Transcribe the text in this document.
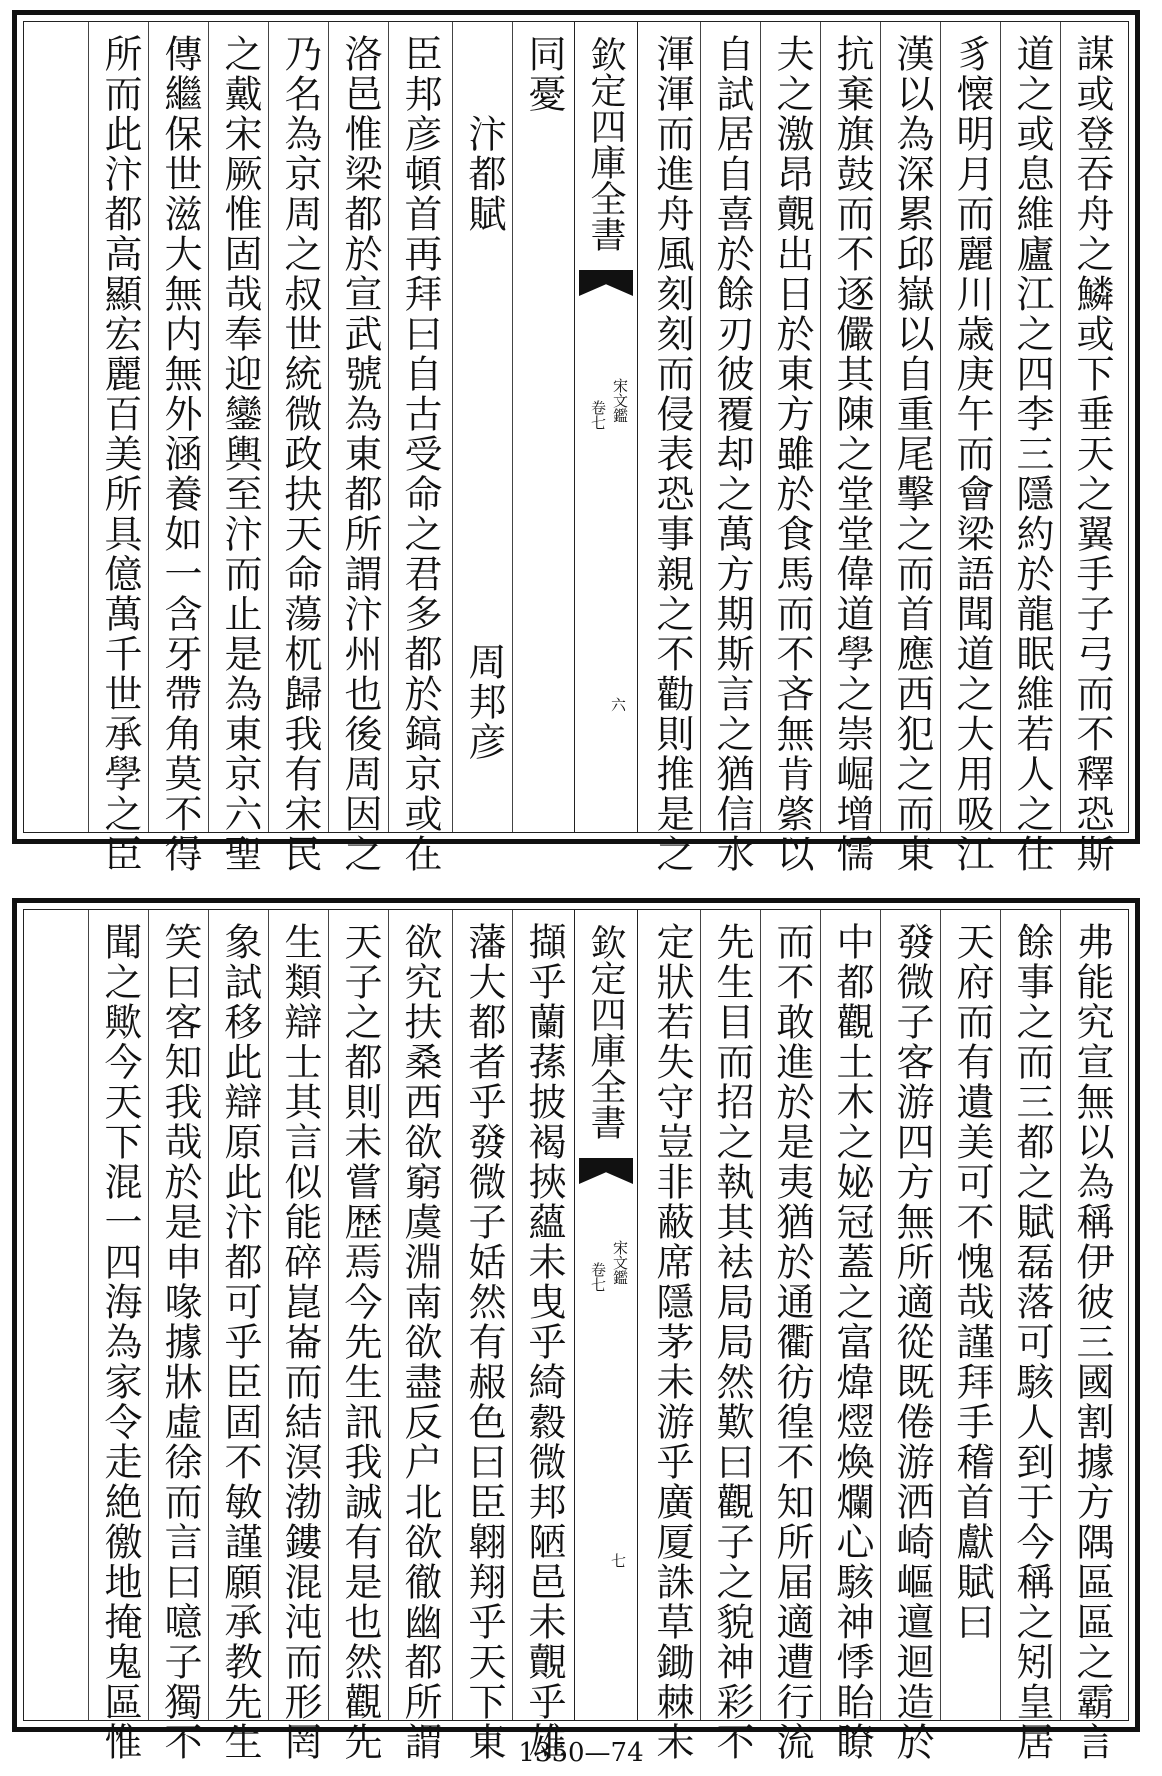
謀或登吞舟之鱗或下垂天之翼手子弓而不釋恐斯
道之或息維廬江之四李三隱約於龍眠維若人之仕
豸懐明月而麗川歳庚午而會梁語聞道之大用吸江
漢以為深累邱嶽以自重尾擊之而首應西犯之而東
抗棄旗鼓而不逐儼其陳之堂堂偉道學之崇崛增懦
夫之激昂覿出日於東方雖於食馬而不吝無肯綮以
自試居自喜於餘刃彼覆却之萬方期斯言之猶信水
渾渾而進舟風刻刻而侵表恐事親之不勸則推是之
欽定四庫全書
宋文鑑
卷七
六
同憂
汴都賦
周邦彦
臣邦彦頓首再拜曰自古受命之君多都於鎬京或在
洛邑惟梁都於宣武號為東都所謂汴州也後周因之
乃名為京周之叔世統微政抉天命蕩杌歸我有宋民
之戴宋厥惟固哉奉迎鑾輿至汴而止是為東京六聖
傳繼保世滋大無内無外涵養如一含牙帶角莫不得
所而此汴都高顯宏麗百美所具億萬千世承學之臣
弗能究宣無以為稱伊彼三國割據方隅區區之霸言
餘事之而三都之賦磊落可駭人到于今稱之矧皇居
天府而有遺美可不愧哉謹拜手稽首獻賦曰
發微子客游四方無所適從既倦游洒崎嶇邅迴造於
中都觀土木之妼冠蓋之富煒熤煥爛心駭神悸眙瞭
而不敢進於是夷猶於通衢彷徨不知所届適遭行流
先生目而招之執其袪局局然歎曰觀子之貌神彩不
定狀若失守豈非蔽席隱茅未游乎廣厦誅草鋤棘未
欽定四庫全書
宋文鑑
卷七
七
擷乎蘭蓀披褐挾蘊未曳乎綺縠微邦陋邑未覿乎雄
藩大都者乎發微子姡然有赧色曰臣翺翔乎天下東
欲究扶桑西欲窮虞淵南欲盡反户北欲徹幽都所謂
天子之都則未嘗歴焉今先生訊我誠有是也然觀先
生類辯士其言似能碎崑崙而結溟渤鏤混沌而形罔
象試移此辯原此汴都可乎臣固不敏謹願承教先生
笑曰客知我哉於是申喙據牀虛徐而言曰噫子獨不
聞之歟今天下混一四海為家令走絶徼地掩鬼區惟	1350—74
